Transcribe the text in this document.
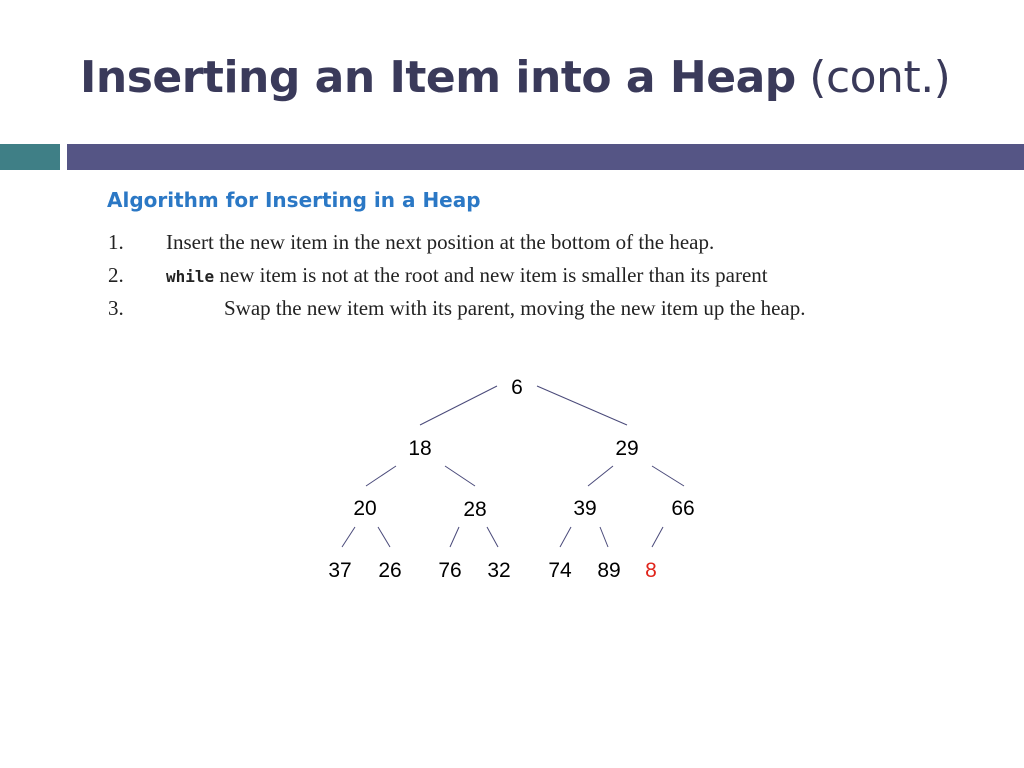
Inserting an Item into a Heap (cont.)
Algorithm for Inserting in a Heap
1. Insert the new item in the next position at the bottom of the heap.
2.	while new item is not at the root and new item is smaller than its parent
3.	Swap the new item with its parent, moving the new item up the heap.
6
18	29
20	28	39	66
37 26 76 32 74 89 8
